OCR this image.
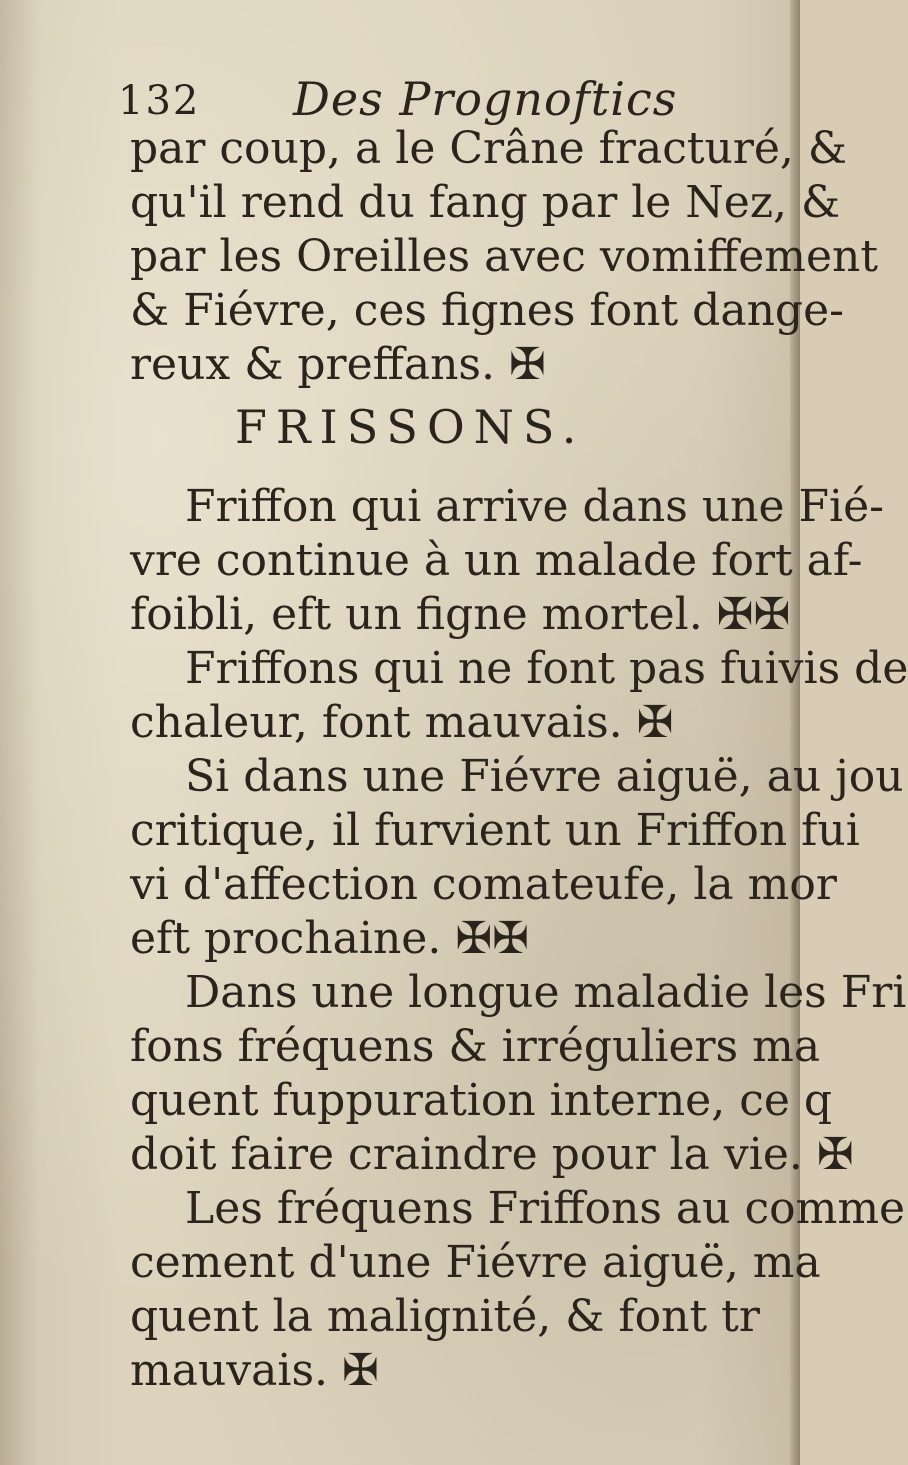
132 Des Prognoftics
par coup, a le Crâne fracturé, &
qu'il rend du fang par le Nez, &
par les Oreilles avec vomiffement
& Fiévre, ces fignes font dange-
reux & preffans. ✠
FRISSONS.
Friffon qui arrive dans une Fié-
vre continue à un malade fort af-
foibli, eft un figne mortel. ✠✠
Friffons qui ne font pas fuivis de
chaleur, font mauvais. ✠
Si dans une Fiévre aiguë, au jou
critique, il furvient un Friffon fui
vi d'affection comateufe, la mor
eft prochaine. ✠✠
Dans une longue maladie les Fri
fons fréquens & irréguliers ma
quent fuppuration interne, ce q
doit faire craindre pour la vie. ✠
Les fréquens Friffons au comme
cement d'une Fiévre aiguë, ma
quent la malignité, & font tr
mauvais. ✠
